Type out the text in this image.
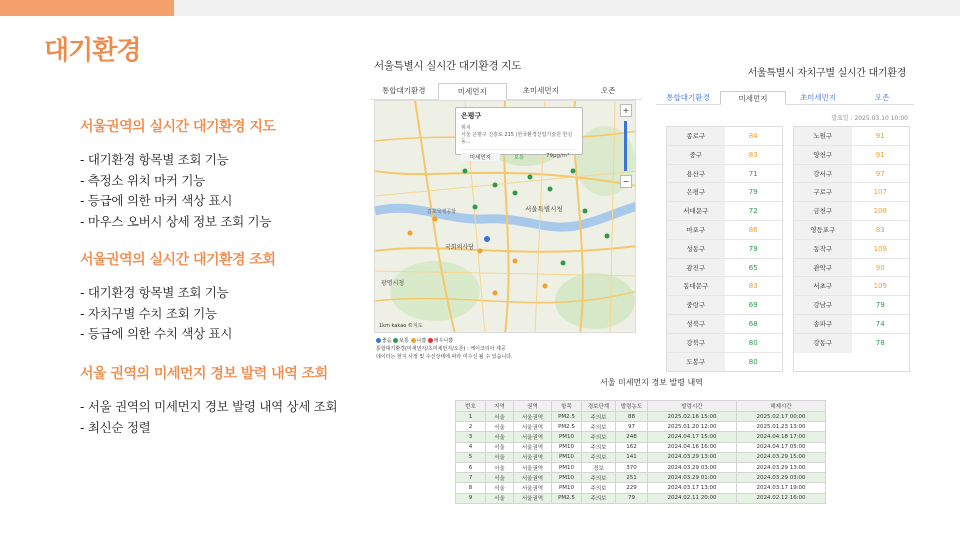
대기환경
서울권역의 실시간 대기환경 지도
- 대기환경 항목별 조회 기능
- 측정소 위치 마커 기능
- 등급에 의한 마커 색상 표시
- 마우스 오버시 상세 정보 조회 기능
서울권역의 실시간 대기환경 조회
- 대기환경 항목별 조회 기능
- 자치구별 수치 조회 기능
- 등급에 의한 수치 색상 표시
서울 권역의 미세먼지 경보 발력 내역 조회
- 서울 권역의 미세먼지 경보 발령 내역 상세 조회
- 최신순 정렬
서울특별시 실시간 대기환경 지도
통합대기환경	미세먼지	초미세먼지	오존
서울특별시청
국회의사당
광명시청
김포국제공항
은평구
위치
서울 은평구 진흥로 215 (한국환경산업기술원 한실동...
미세먼지	보통	79μg/m³
+
−
1km kakao ©지도
좋음 보통 나쁨 매우나쁨
통합대기환경(미세먼지/초미세먼지/오존) : 케이코리아 제공
데이터는 현지 사정 및 수신상태에 따라 미수신 될 수 있습니다.
서울특별시 자치구별 실시간 대기환경
통합대기환경	미세먼지	초미세먼지	오존
발표일 : 2025.03.10 10:00
종로구	84
중구	83
용산구	71
은평구	79
서대문구	72
마포구	86
성동구	79
광진구	65
동대문구	83
중랑구	69
성북구	68
강북구	80
도봉구	80
노원구	91
양천구	91
강서구	97
구로구	107
금천구	108
영등포구	83
동작구	109
관악구	90
서초구	109
강남구	79
송파구	74
강동구	78
서울 미세먼지 경보 발령 내역
번호	지역	권역	항목	경보단계	발령농도	발령시간	해제시간
1	서울	서울권역	PM2.5	주의보	88	2025.02.16 15:00	2025.02.17 00:00
2	서울	서울권역	PM2.5	주의보	97	2025.01.20 12:00	2025.01.23 13:00
3	서울	서울권역	PM10	주의보	248	2024.04.17 15:00	2024.04.18 17:00
4	서울	서울권역	PM10	주의보	162	2024.04.16 16:00	2024.04.17 05:00
5	서울	서울권역	PM10	주의보	141	2024.03.29 13:00	2024.03.29 15:00
6	서울	서울권역	PM10	경보	370	2024.03.29 03:00	2024.03.29 13:00
7	서울	서울권역	PM10	주의보	251	2024.03.29 01:00	2024.03.29 03:00
8	서울	서울권역	PM10	주의보	229	2024.03.17 13:00	2024.03.17 19:00
9	서울	서울권역	PM2.5	주의보	79	2024.02.11 20:00	2024.02.12 16:00
